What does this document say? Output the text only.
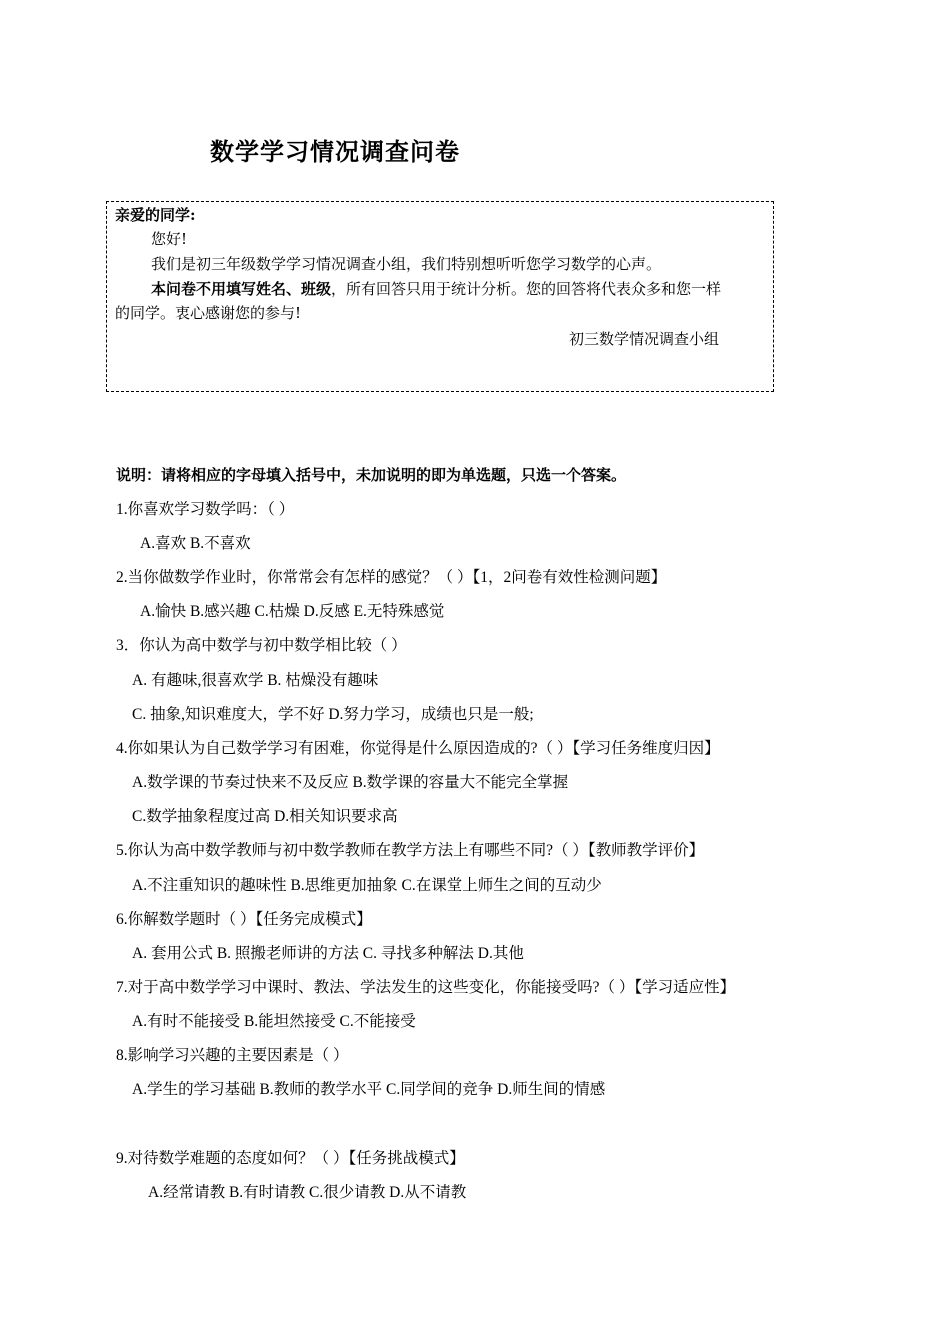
数学学习情况调查问卷
亲爱的同学:
您好!
我们是初三年级数学学习情况调查小组，我们特别想听听您学习数学的心声。
本问卷不用填写姓名、班级，所有回答只用于统计分析。您的回答将代表众多和您一样
的同学。衷心感谢您的参与!
初三数学情况调查小组
说明：请将相应的字母填入括号中，未加说明的即为单选题，只选一个答案。
1.你喜欢学习数学吗：（ ）
A.喜欢 B.不喜欢
2.当你做数学作业时，你常常会有怎样的感觉？（ ）【1，2问卷有效性检测问题】
A.愉快 B.感兴趣 C.枯燥 D.反感 E.无特殊感觉
3．你认为高中数学与初中数学相比较（ ）
A. 有趣味,很喜欢学 B. 枯燥没有趣味
C. 抽象,知识难度大，学不好 D.努力学习，成绩也只是一般;
4.你如果认为自己数学学习有困难，你觉得是什么原因造成的?（ ）【学习任务维度归因】
A.数学课的节奏过快来不及反应 B.数学课的容量大不能完全掌握
C.数学抽象程度过高 D.相关知识要求高
5.你认为高中数学教师与初中数学教师在教学方法上有哪些不同?（ ）【教师教学评价】
A.不注重知识的趣味性 B.思维更加抽象 C.在课堂上师生之间的互动少
6.你解数学题时（ ）【任务完成模式】
A. 套用公式 B. 照搬老师讲的方法 C. 寻找多种解法 D.其他
7.对于高中数学学习中课时、教法、学法发生的这些变化，你能接受吗?（ ）【学习适应性】
A.有时不能接受 B.能坦然接受 C.不能接受
8.影响学习兴趣的主要因素是（ ）
A.学生的学习基础 B.教师的教学水平 C.同学间的竞争 D.师生间的情感
9.对待数学难题的态度如何？（ ）【任务挑战模式】
A.经常请教 B.有时请教 C.很少请教 D.从不请教
